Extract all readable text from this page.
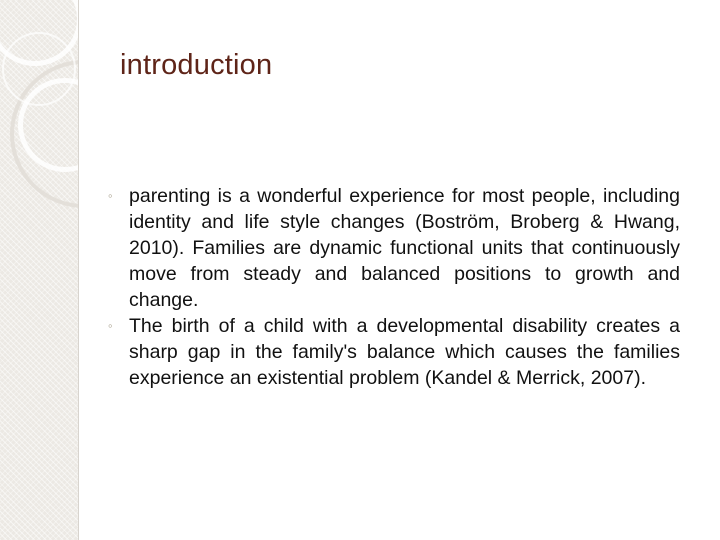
introduction
◦ parenting is a wonderful experience for most people, including identity and life style changes (Boström, Broberg & Hwang, 2010). Families are dynamic functional units that continuously move from steady and balanced positions to growth and change.
◦ The birth of a child with a developmental disability creates a sharp gap in the family's balance which causes the families experience an existential problem (Kandel & Merrick, 2007).
